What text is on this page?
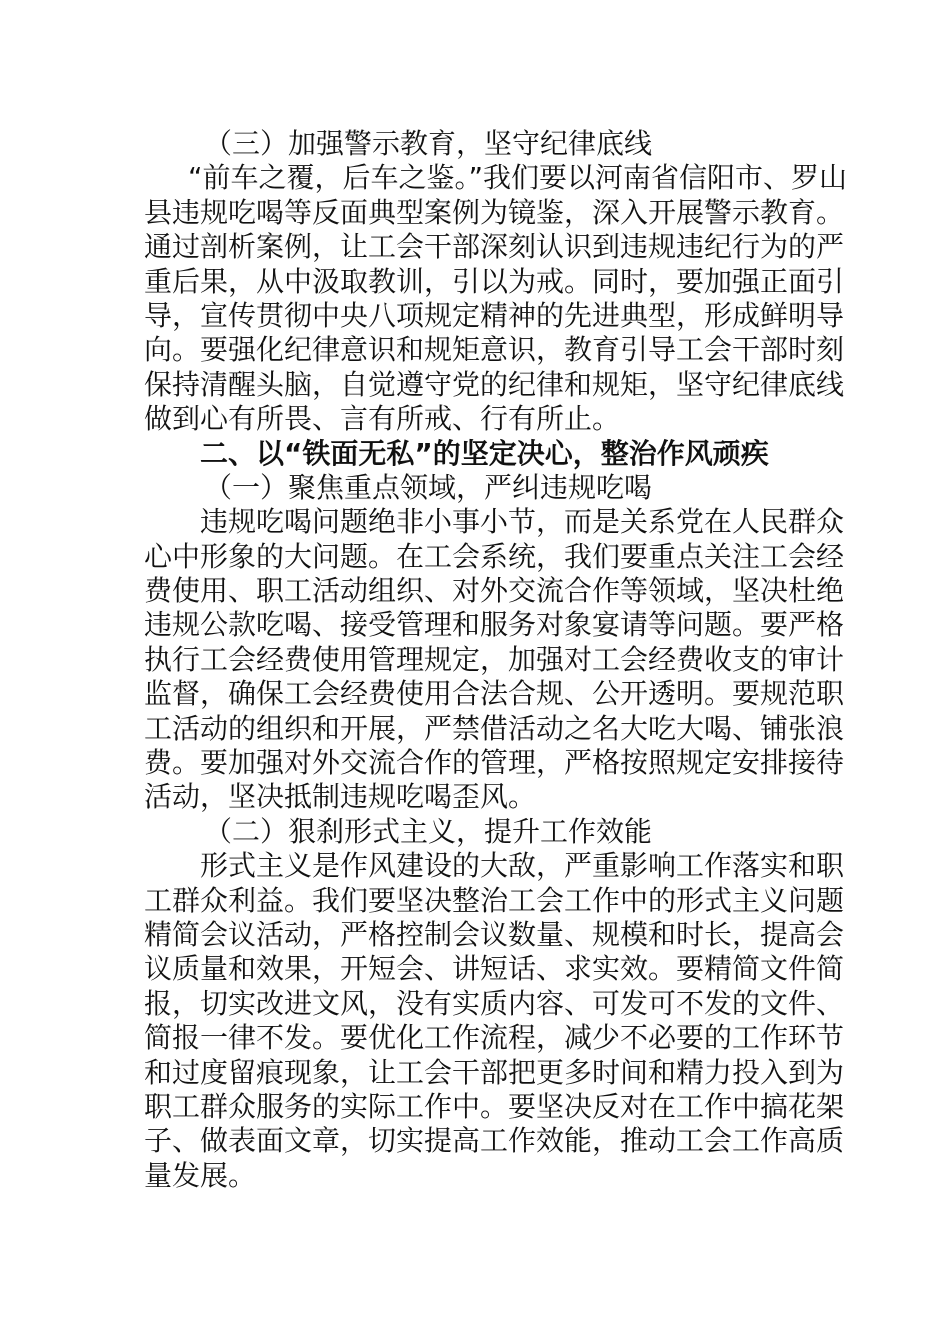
（三）加强警示教育，坚守纪律底线
“前车之覆，后车之鉴。”我们要以河南省信阳市、罗山
县违规吃喝等反面典型案例为镜鉴，深入开展警示教育。
通过剖析案例，让工会干部深刻认识到违规违纪行为的严
重后果，从中汲取教训，引以为戒。同时，要加强正面引
导，宣传贯彻中央八项规定精神的先进典型，形成鲜明导
向。要强化纪律意识和规矩意识，教育引导工会干部时刻
保持清醒头脑，自觉遵守党的纪律和规矩，坚守纪律底线
做到心有所畏、言有所戒、行有所止。
二、以“铁面无私”的坚定决心，整治作风顽疾
（一）聚焦重点领域，严纠违规吃喝
违规吃喝问题绝非小事小节，而是关系党在人民群众
心中形象的大问题。在工会系统，我们要重点关注工会经
费使用、职工活动组织、对外交流合作等领域，坚决杜绝
违规公款吃喝、接受管理和服务对象宴请等问题。要严格
执行工会经费使用管理规定，加强对工会经费收支的审计
监督，确保工会经费使用合法合规、公开透明。要规范职
工活动的组织和开展，严禁借活动之名大吃大喝、铺张浪
费。要加强对外交流合作的管理，严格按照规定安排接待
活动，坚决抵制违规吃喝歪风。
（二）狠刹形式主义，提升工作效能
形式主义是作风建设的大敌，严重影响工作落实和职
工群众利益。我们要坚决整治工会工作中的形式主义问题
精简会议活动，严格控制会议数量、规模和时长，提高会
议质量和效果，开短会、讲短话、求实效。要精简文件简
报，切实改进文风，没有实质内容、可发可不发的文件、
简报一律不发。要优化工作流程，减少不必要的工作环节
和过度留痕现象，让工会干部把更多时间和精力投入到为
职工群众服务的实际工作中。要坚决反对在工作中搞花架
子、做表面文章，切实提高工作效能，推动工会工作高质
量发展。
